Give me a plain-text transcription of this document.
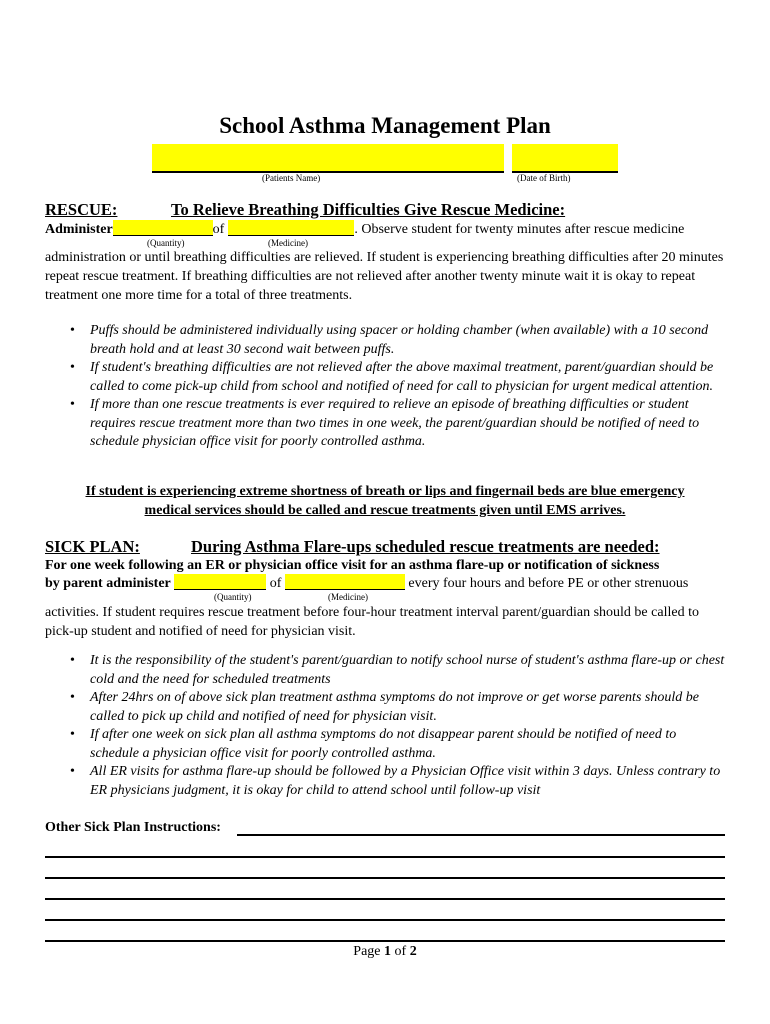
School Asthma Management Plan
(Patients Name)	(Date of Birth)
RESCUE:	To Relieve Breathing Difficulties Give Rescue Medicine:
Administer	of	. Observe student for twenty minutes after rescue medicine
(Quantity)	(Medicine)
administration or until breathing difficulties are relieved. If student is experiencing breathing difficulties after 20 minutes repeat rescue treatment. If breathing difficulties are not relieved after another twenty minute wait it is okay to repeat treatment one more time for a total of three treatments.
• Puffs should be administered individually using spacer or holding chamber (when available) with a 10 second breath hold and at least 30 second wait between puffs.
• If student's breathing difficulties are not relieved after the above maximal treatment, parent/guardian should be called to come pick-up child from school and notified of need for call to physician for urgent medical attention.
• If more than one rescue treatments is ever required to relieve an episode of breathing difficulties or student requires rescue treatment more than two times in one week, the parent/guardian should be notified of need to schedule physician office visit for poorly controlled asthma.
If student is experiencing extreme shortness of breath or lips and fingernail beds are blue emergency
medical services should be called and rescue treatments given until EMS arrives.
SICK PLAN:	During Asthma Flare-ups scheduled rescue treatments are needed:
For one week following an ER or physician office visit for an asthma flare-up or notification of sickness
by parent administer	of	every four hours and before PE or other strenuous
(Quantity)	(Medicine)
activities. If student requires rescue treatment before four-hour treatment interval parent/guardian should be called to pick-up student and notified of need for physician visit.
• It is the responsibility of the student's parent/guardian to notify school nurse of student's asthma flare-up or chest cold and the need for scheduled treatments
• After 24hrs on of above sick plan treatment asthma symptoms do not improve or get worse parents should be called to pick up child and notified of need for physician visit.
• If after one week on sick plan all asthma symptoms do not disappear parent should be notified of need to schedule a physician office visit for poorly controlled asthma.
• All ER visits for asthma flare-up should be followed by a Physician Office visit within 3 days. Unless contrary to ER physicians judgment, it is okay for child to attend school until follow-up visit
Other Sick Plan Instructions:
Page 1 of 2
